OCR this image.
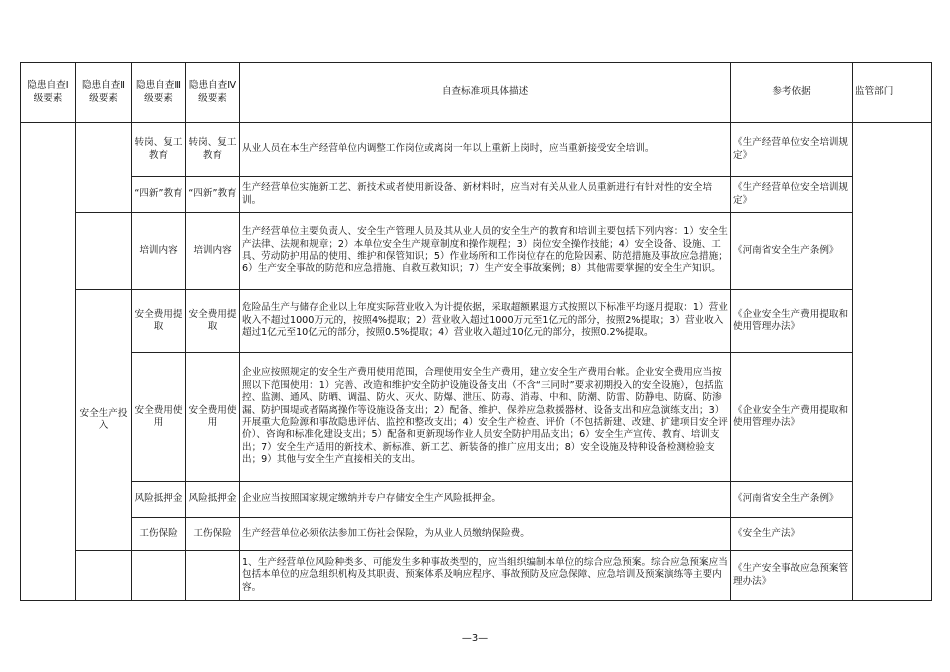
隐患自查Ⅰ级要素	隐患自查Ⅱ级要素	隐患自查Ⅲ级要素	隐患自查Ⅳ级要素	自查标准项具体描述	参考依据	监管部门
		转岗、复工教育	转岗、复工教育	从业人员在本生产经营单位内调整工作岗位或离岗一年以上重新上岗时，应当重新接受安全培训。	《生产经营单位安全培训规定》	
		“四新”教育	“四新”教育	生产经营单位实施新工艺、新技术或者使用新设备、新材料时，应当对有关从业人员重新进行有针对性的安全培训。	《生产经营单位安全培训规定》	
		培训内容	培训内容	生产经营单位主要负责人、安全生产管理人员及其从业人员的安全生产的教育和培训主要包括下列内容：1）安全生产法律、法规和规章；2）本单位安全生产规章制度和操作规程；3）岗位安全操作技能；4）安全设备、设施、工具、劳动防护用品的使用、维护和保管知识；5）作业场所和工作岗位存在的危险因素、防范措施及事故应急措施；6）生产安全事故的防范和应急措施、自救互救知识；7）生产安全事故案例；8）其他需要掌握的安全生产知识。	《河南省安全生产条例》	
	安全生产投入	安全费用提取	安全费用提取	危险品生产与储存企业以上年度实际营业收入为计提依据，采取超额累退方式按照以下标准平均逐月提取：1）营业收入不超过1000万元的，按照4%提取；2）营业收入超过1000万元至1亿元的部分，按照2%提取；3）营业收入超过1亿元至10亿元的部分，按照0.5%提取；4）营业收入超过10亿元的部分，按照0.2%提取。	《企业安全生产费用提取和使用管理办法》	
		安全费用使用	安全费用使用	企业应按照规定的安全生产费用使用范围，合理使用安全生产费用，建立安全生产费用台帐。企业安全费用应当按照以下范围使用：1）完善、改造和维护安全防护设施设备支出（不含“三同时”要求初期投入的安全设施），包括监控、监测、通风、防晒、调温、防火、灭火、防爆、泄压、防毒、消毒、中和、防潮、防雷、防静电、防腐、防渗漏、防护围堤或者隔离操作等设施设备支出；2）配备、维护、保养应急救援器材、设备支出和应急演练支出；3）开展重大危险源和事故隐患评估、监控和整改支出；4）安全生产检查、评价（不包括新建、改建、扩建项目安全评价）、咨询和标准化建设支出；5）配备和更新现场作业人员安全防护用品支出；6）安全生产宣传、教育、培训支出；7）安全生产适用的新技术、新标准、新工艺、新装备的推广应用支出；8）安全设施及特种设备检测检验支出；9）其他与安全生产直接相关的支出。	《企业安全生产费用提取和使用管理办法》	
		风险抵押金	风险抵押金	企业应当按照国家规定缴纳并专户存储安全生产风险抵押金。	《河南省安全生产条例》	
		工伤保险	工伤保险	生产经营单位必须依法参加工伤社会保险，为从业人员缴纳保险费。	《安全生产法》	
				1、生产经营单位风险种类多、可能发生多种事故类型的，应当组织编制本单位的综合应急预案。综合应急预案应当包括本单位的应急组织机构及其职责、预案体系及响应程序、事故预防及应急保障、应急培训及预案演练等主要内容。	《生产安全事故应急预案管理办法》	
—3—
